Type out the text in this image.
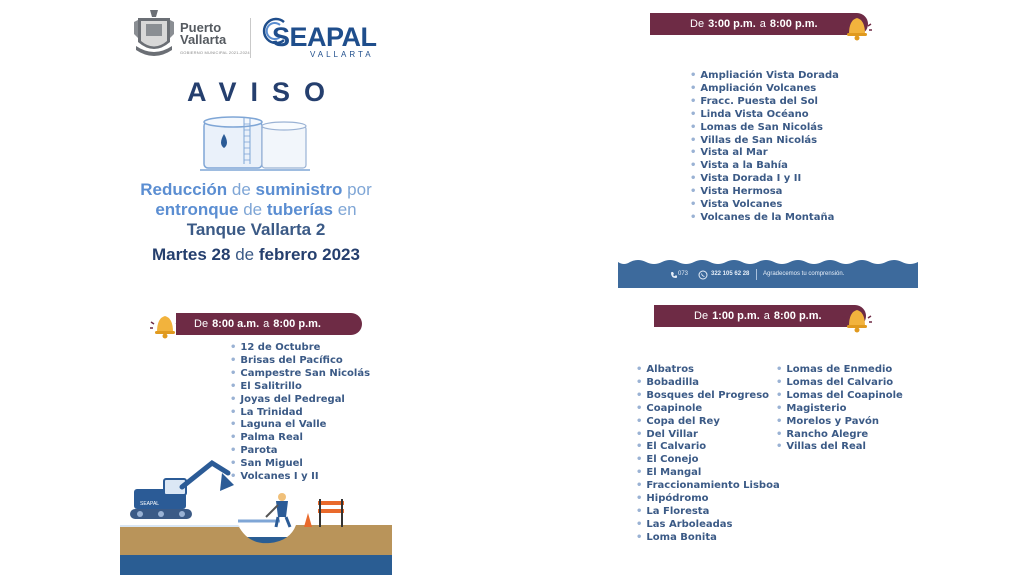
Puerto
Vallarta
GOBIERNO MUNICIPAL 2021-2024
SEAPAL
VALLARTA
AVISO
Reducción de suministro por
entronque de tuberías en
Tanque Vallarta 2
Martes 28 de febrero 2023
De 8:00 a.m. a 8:00 p.m.
• 12 de Octubre
• Brisas del Pacífico
• Campestre San Nicolás
• El Salitrillo
• Joyas del Pedregal
• La Trinidad
• Laguna el Valle
• Palma Real
• Parota
• San Miguel
• Volcanes I y II
SEAPAL
De 3:00 p.m. a 8:00 p.m.
• Ampliación Vista Dorada
• Ampliación Volcanes
• Fracc. Puesta del Sol
• Linda Vista Océano
• Lomas de San Nicolás
• Villas de San Nicolás
• Vista al Mar
• Vista a la Bahía
• Vista Dorada I y II
• Vista Hermosa
• Vista Volcanes
• Volcanes de la Montaña
073	322 105 62 28 Agradecemos tu comprensión.
De 1:00 p.m. a 8:00 p.m.
• Albatros
• Bobadilla
• Bosques del Progreso
• Coapinole
• Copa del Rey
• Del Villar
• El Calvario
• El Conejo
• El Mangal
• Fraccionamiento Lisboa
• Hipódromo
• La Floresta
• Las Arboleadas
• Loma Bonita
• Lomas de Enmedio
• Lomas del Calvario
• Lomas del Coapinole
• Magisterio
• Morelos y Pavón
• Rancho Alegre
• Villas del Real
